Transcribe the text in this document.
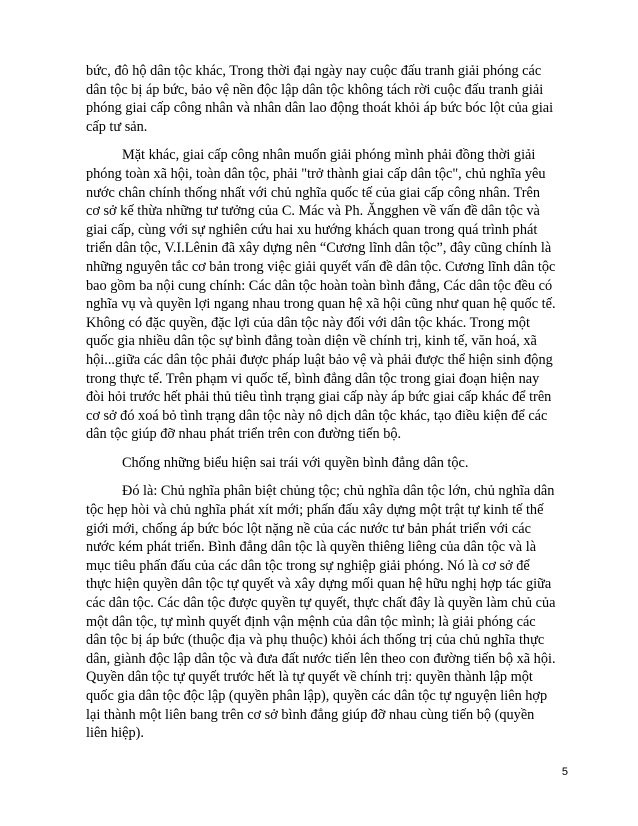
bức, đô hộ dân tộc khác, Trong thời đại ngày nay cuộc đấu tranh giải phóng các dân tộc bị áp bức, bảo vệ nền độc lập dân tộc không tách rời cuộc đấu tranh giải phóng giai cấp công nhân và nhân dân lao động thoát khỏi áp bức bóc lột của giai cấp tư sản.

Mặt khác, giai cấp công nhân muốn giải phóng mình phải đồng thời giải phóng toàn xã hội, toàn dân tộc, phải "trở thành giai cấp dân tộc", chủ nghĩa yêu nước chân chính thống nhất với chủ nghĩa quốc tế của giai cấp công nhân. Trên cơ sở kế thừa những tư tưởng của C. Mác và Ph. Ăngghen về vấn đề dân tộc và giai cấp, cùng với sự nghiên cứu hai xu hướng khách quan trong quá trình phát triển dân tộc, V.I.Lênin đã xây dựng nên “Cương lĩnh dân tộc”, đây cũng chính là những nguyên tắc cơ bản trong việc giải quyết vấn đề dân tộc. Cương lĩnh dân tộc bao gồm ba nội cung chính: Các dân tộc hoàn toàn bình đẳng, Các dân tộc đều có nghĩa vụ và quyền lợi ngang nhau trong quan hệ xã hội cũng như quan hệ quốc tế. Không có đặc quyền, đặc lợi của dân tộc này đối với dân tộc khác. Trong một quốc gia nhiều dân tộc sự bình đẳng toàn diện về chính trị, kinh tế, văn hoá, xã hội...giữa các dân tộc phải được pháp luật bảo vệ và phải được thể hiện sinh động trong thực tế. Trên phạm vi quốc tế, bình đẳng dân tộc trong giai đoạn hiện nay đòi hỏi trước hết phải thủ tiêu tình trạng giai cấp này áp bức giai cấp khác để trên cơ sở đó xoá bỏ tình trạng dân tộc này nô dịch dân tộc khác, tạo điều kiện để các dân tộc giúp đỡ nhau phát triển trên con đường tiến bộ.

Chống những biểu hiện sai trái với quyền bình đẳng dân tộc.

Đó là: Chủ nghĩa phân biệt chủng tộc; chủ nghĩa dân tộc lớn, chủ nghĩa dân tộc hẹp hòi và chủ nghĩa phát xít mới; phấn đấu xây dựng một trật tự kinh tế thế giới mới, chống áp bức bóc lột nặng nề của các nước tư bản phát triển với các nước kém phát triển. Bình đẳng dân tộc là quyền thiêng liêng của dân tộc và là mục tiêu phấn đấu của các dân tộc trong sự nghiệp giải phóng. Nó là cơ sở để thực hiện quyền dân tộc tự quyết và xây dựng mối quan hệ hữu nghị hợp tác giữa các dân tộc. Các dân tộc được quyền tự quyết, thực chất đây là quyền làm chủ của một dân tộc, tự mình quyết định vận mệnh của dân tộc mình; là giải phóng các dân tộc bị áp bức (thuộc địa và phụ thuộc) khỏi ách thống trị của chủ nghĩa thực dân, giành độc lập dân tộc và đưa đất nước tiến lên theo con đường tiến bộ xã hội. Quyền dân tộc tự quyết trước hết là tự quyết về chính trị: quyền thành lập một quốc gia dân tộc độc lập (quyền phân lập), quyền các dân tộc tự nguyện liên hợp lại thành một liên bang trên cơ sở bình đẳng giúp đỡ nhau cùng tiến bộ (quyền liên hiệp).

5
